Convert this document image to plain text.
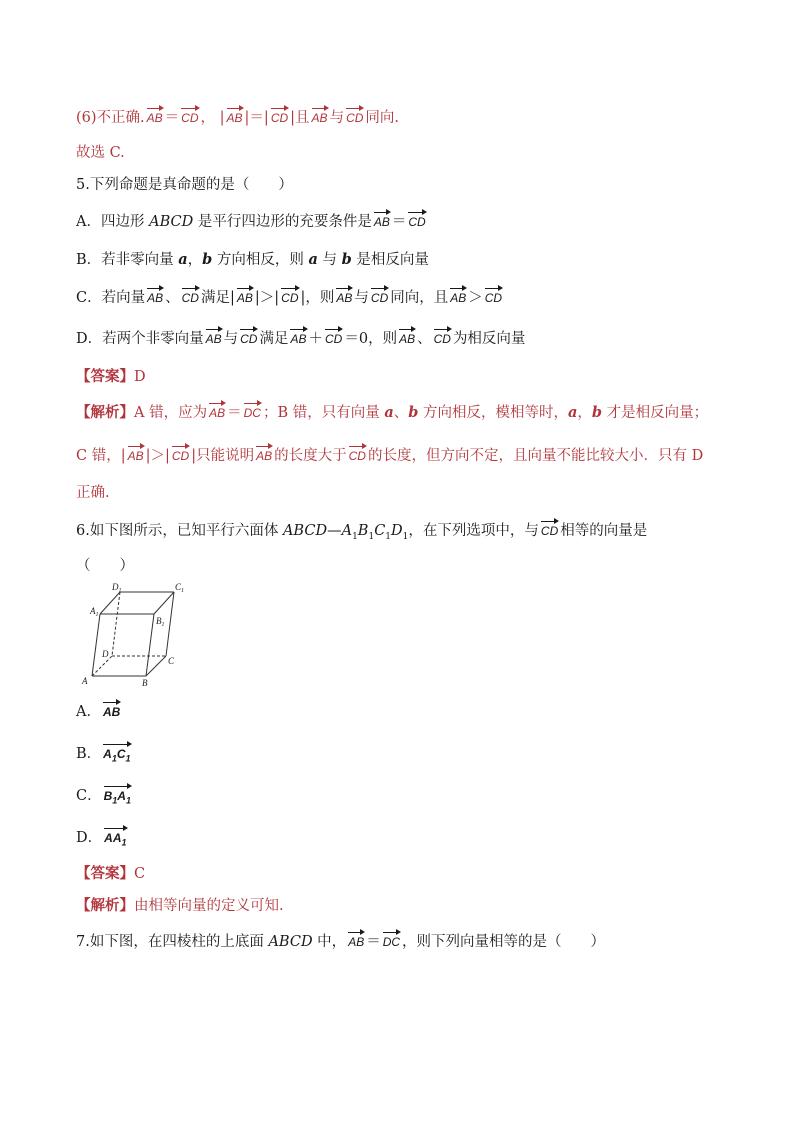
(6)不正确. AB ＝ CD ， | AB |＝| CD |且 AB 与 CD 同向.
故选 C.
5.下列命题是真命题的是（　　）
A．四边形 ABCD 是平行四边形的充要条件是 AB ＝ CD
B．若非零向量 a，b 方向相反，则 a 与 b 是相反向量
C．若向量 AB 、 CD 满足| AB |＞| CD |，则 AB 与 CD 同向，且 AB ＞ CD
D．若两个非零向量 AB 与 CD 满足 AB ＋ CD ＝0，则 AB 、 CD 为相反向量
【答案】D
【解析】A 错，应为 AB ＝ DC ；B 错，只有向量 a、b 方向相反，模相等时，a，b 才是相反向量；
C 错，| AB |＞| CD |只能说明 AB 的长度大于 CD 的长度，但方向不定，且向量不能比较大小．只有 D
正确.
6.如下图所示，已知平行六面体 $ABCD—A_1B_1C_1D_1$，在下列选项中，与 CD 相等的向量是
（　　）
$D_1$	$C_1$
$A_1$
$B_1$
D
C
A	B
A． AB
B． $A_1C_1$
C． $B_1A_1$
D． $AA_1$
【答案】C
【解析】由相等向量的定义可知.
7.如下图，在四棱柱的上底面 ABCD 中， AB ＝ DC ，则下列向量相等的是（　　）
